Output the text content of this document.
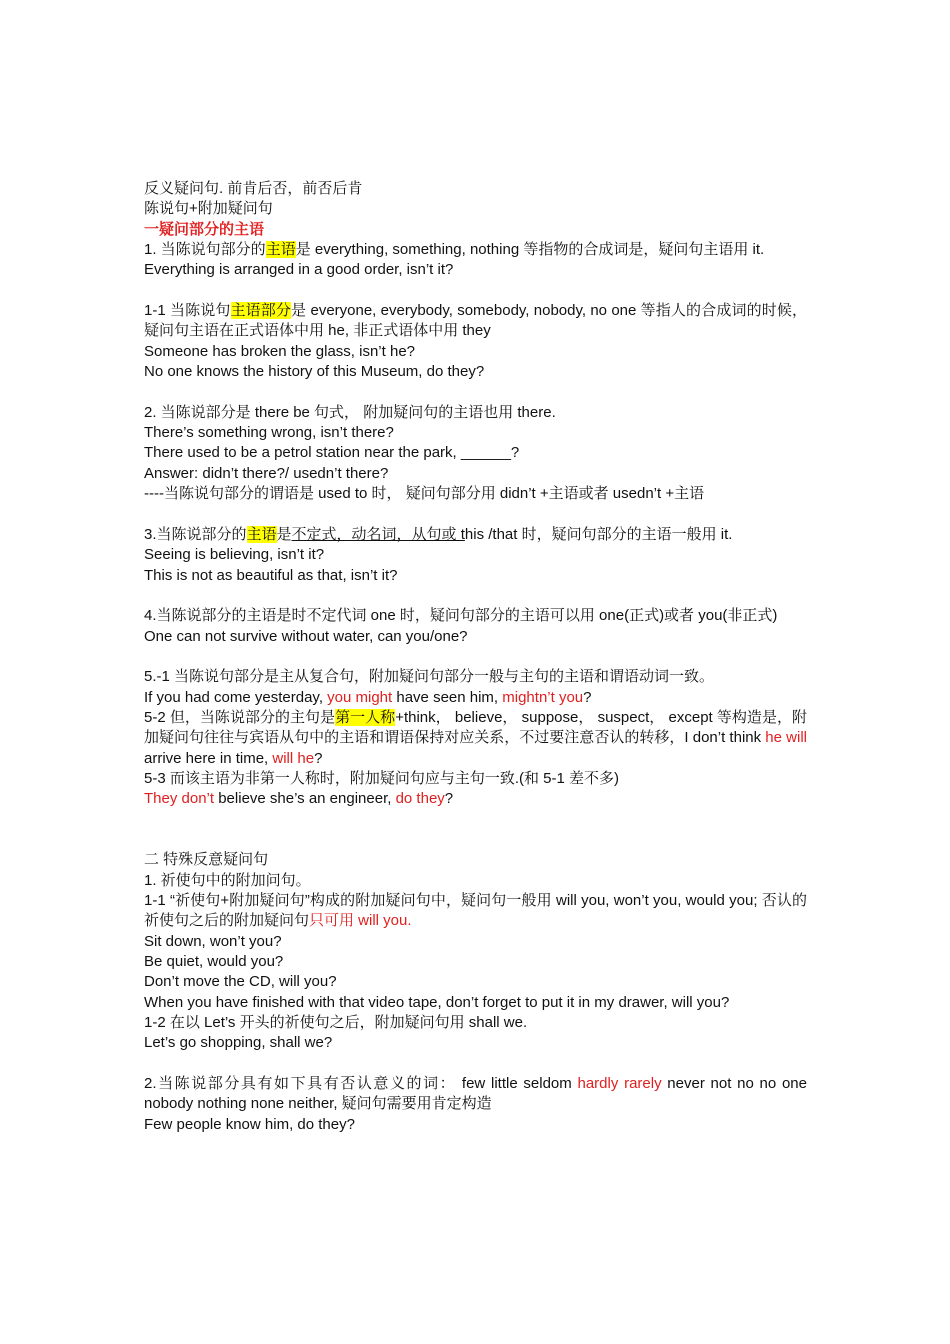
反义疑问句. 前肯后否，前否后肯

陈说句+附加疑问句

一疑问部分的主语

1. 当陈说句部分的主语是 everything, something, nothing 等指物的合成词是，疑问句主语用 it.

Everything is arranged in a good order, isn’t it?

1-1 当陈说句主语部分是 everyone, everybody, somebody, nobody, no one 等指人的合成词的时候，疑问句主语在正式语体中用 he, 非正式语体中用 they

Someone has broken the glass, isn’t he?

No one knows the history of this Museum, do they?

2. 当陈说部分是 there be 句式， 附加疑问句的主语也用 there.

There’s something wrong, isn’t there?

There used to be a petrol station near the park, ______?

Answer: didn’t there?/ usedn’t there?

----当陈说句部分的谓语是 used to 时， 疑问句部分用 didn’t +主语或者 usedn’t +主语

3.当陈说部分的主语是不定式，动名词，从句或 this /that 时，疑问句部分的主语一般用 it.

Seeing is believing, isn’t it?

This is not as beautiful as that, isn’t it?

4.当陈说部分的主语是时不定代词 one 时，疑问句部分的主语可以用 one(正式)或者 you(非正式)

One can not survive without water, can you/one?

5.-1 当陈说句部分是主从复合句，附加疑问句部分一般与主句的主语和谓语动词一致。

If you had come yesterday, you might have seen him, mightn’t you?

5-2 但，当陈说部分的主句是第一人称+think， believe， suppose， suspect， except 等构造是，附加疑问句往往与宾语从句中的主语和谓语保持对应关系，不过要注意否认的转移，I don’t think he will arrive here in time, will he?

5-3 而该主语为非第一人称时，附加疑问句应与主句一致.(和 5-1 差不多)

They don’t believe she’s an engineer, do they?

二 特殊反意疑问句

1. 祈使句中的附加问句。

1-1 “祈使句+附加疑问句”构成的附加疑问句中，疑问句一般用 will you, won’t you, would you; 否认的祈使句之后的附加疑问句只可用 will you.

Sit down, won’t you?

Be quiet, would you?

Don’t move the CD, will you?

When you have finished with that video tape, don’t forget to put it in my drawer, will you?

1-2 在以 Let’s 开头的祈使句之后，附加疑问句用 shall we.

Let’s go shopping, shall we?

2.当陈说部分具有如下具有否认意义的词： few little seldom hardly rarely never not no no one nobody nothing none neither, 疑问句需要用肯定构造

Few people know him, do they?
